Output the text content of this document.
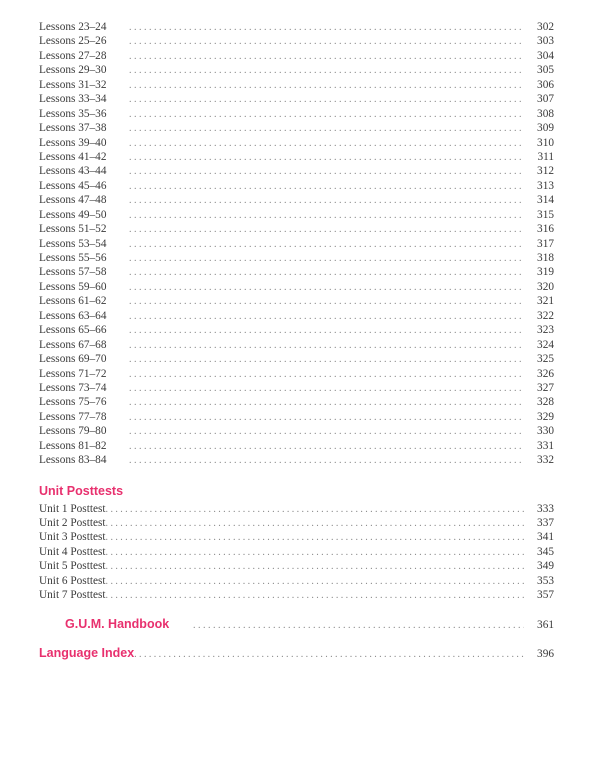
Lessons 23–24 . . .	302
Lessons 25–26 . . .	303
Lessons 27–28 . . .	304
Lessons 29–30 . . .	305
Lessons 31–32 . . .	306
Lessons 33–34 . . .	307
Lessons 35–36 . . .	308
Lessons 37–38 . . .	309
Lessons 39–40 . . .	310
Lessons 41–42 . . .	311
Lessons 43–44 . . .	312
Lessons 45–46 . . .	313
Lessons 47–48 . . .	314
Lessons 49–50 . . .	315
Lessons 51–52 . . .	316
Lessons 53–54 . . .	317
Lessons 55–56 . . .	318
Lessons 57–58 . . .	319
Lessons 59–60 . . .	320
Lessons 61–62 . . .	321
Lessons 63–64 . . .	322
Lessons 65–66 . . .	323
Lessons 67–68 . . .	324
Lessons 69–70 . . .	325
Lessons 71–72 . . .	326
Lessons 73–74 . . .	327
Lessons 75–76 . . .	328
Lessons 77–78 . . .	329
Lessons 79–80 . . .	330
Lessons 81–82 . . .	331
Lessons 83–84 . . .	332
Unit Posttests
Unit 1 Posttest .....	333
Unit 2 Posttest .....	337
Unit 3 Posttest .....	341
Unit 4 Posttest .....	345
Unit 5 Posttest .....	349
Unit 6 Posttest .....	353
Unit 7 Posttest .....	357
G.U.M. Handbook . . .	361
Language Index .....	396
